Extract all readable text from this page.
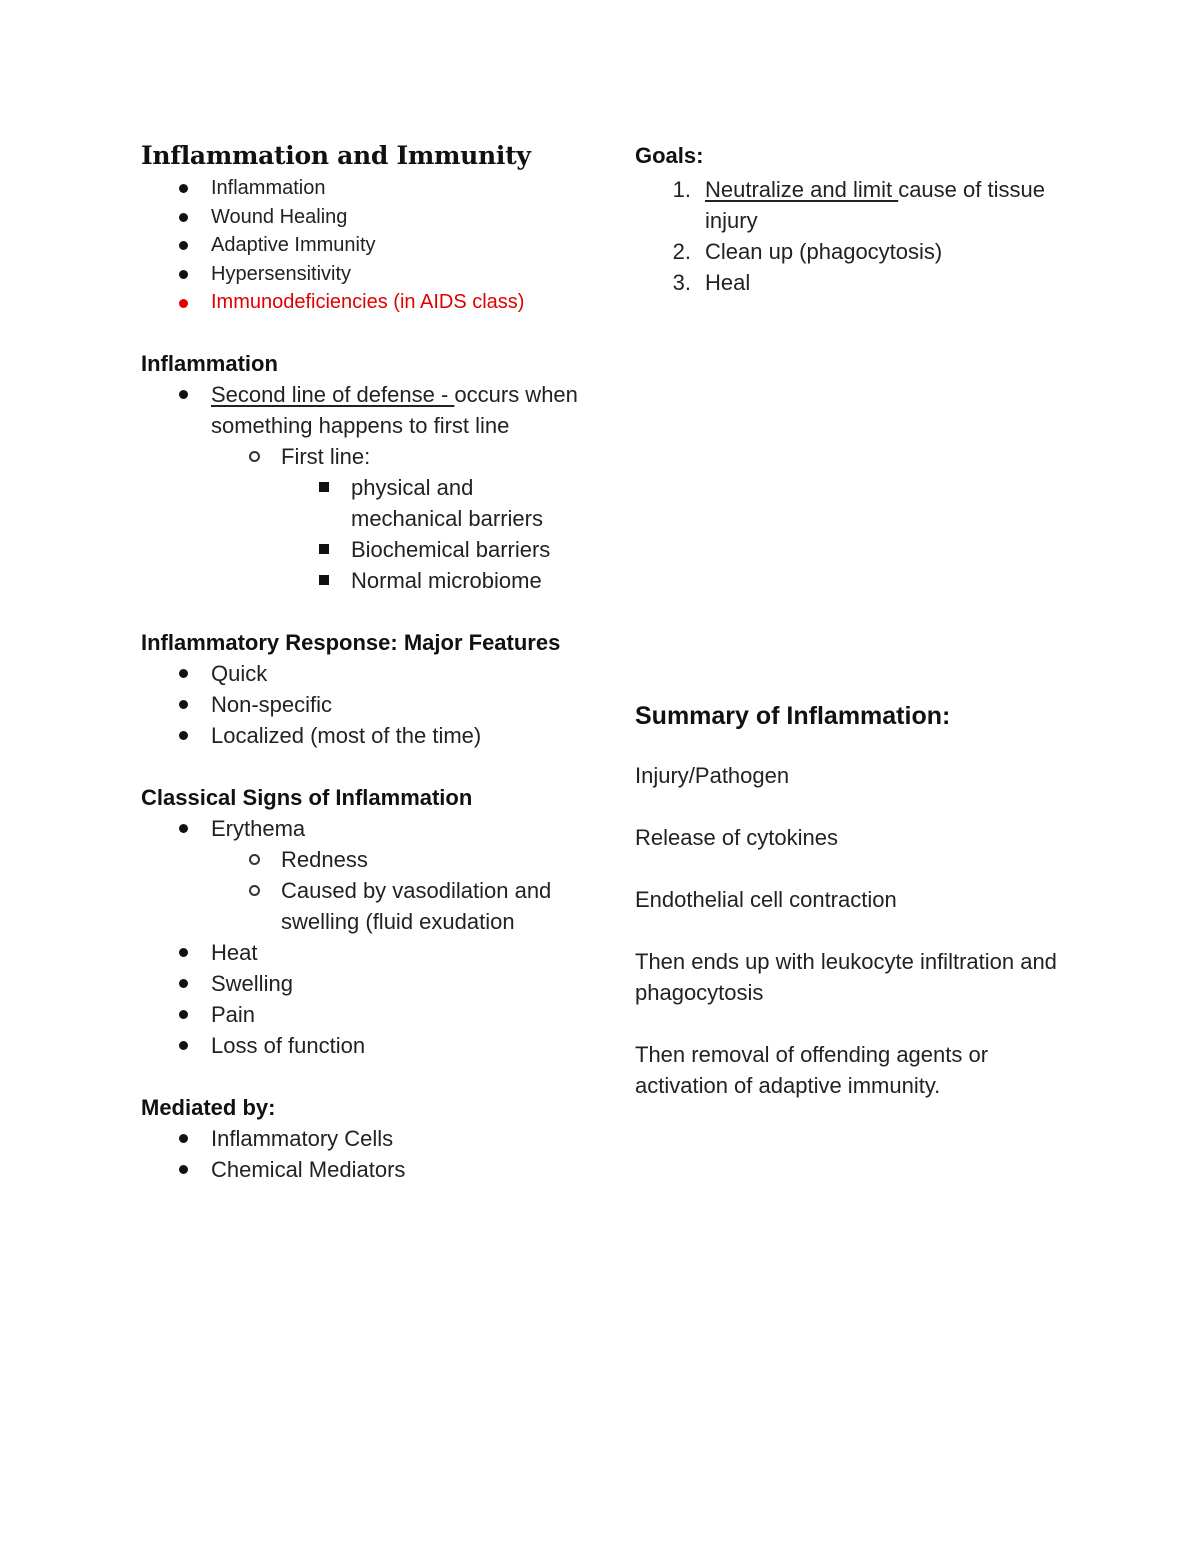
Inflammation and Immunity
Inflammation
Wound Healing
Adaptive Immunity
Hypersensitivity
Immunodeficiencies (in AIDS class)
Inflammation
Second line of defense - occurs when something happens to first line
First line:
physical and mechanical barriers
Biochemical barriers
Normal microbiome
Inflammatory Response: Major Features
Quick
Non-specific
Localized (most of the time)
Classical Signs of Inflammation
Erythema
Redness
Caused by vasodilation and swelling (fluid exudation
Heat
Swelling
Pain
Loss of function
Mediated by:
Inflammatory Cells
Chemical Mediators
Goals:
1. Neutralize and limit cause of tissue injury
2. Clean up (phagocytosis)
3. Heal
Summary of Inflammation:

Injury/Pathogen

Release of cytokines

Endothelial cell contraction

Then ends up with leukocyte infiltration and phagocytosis

Then removal of offending agents or activation of adaptive immunity.
